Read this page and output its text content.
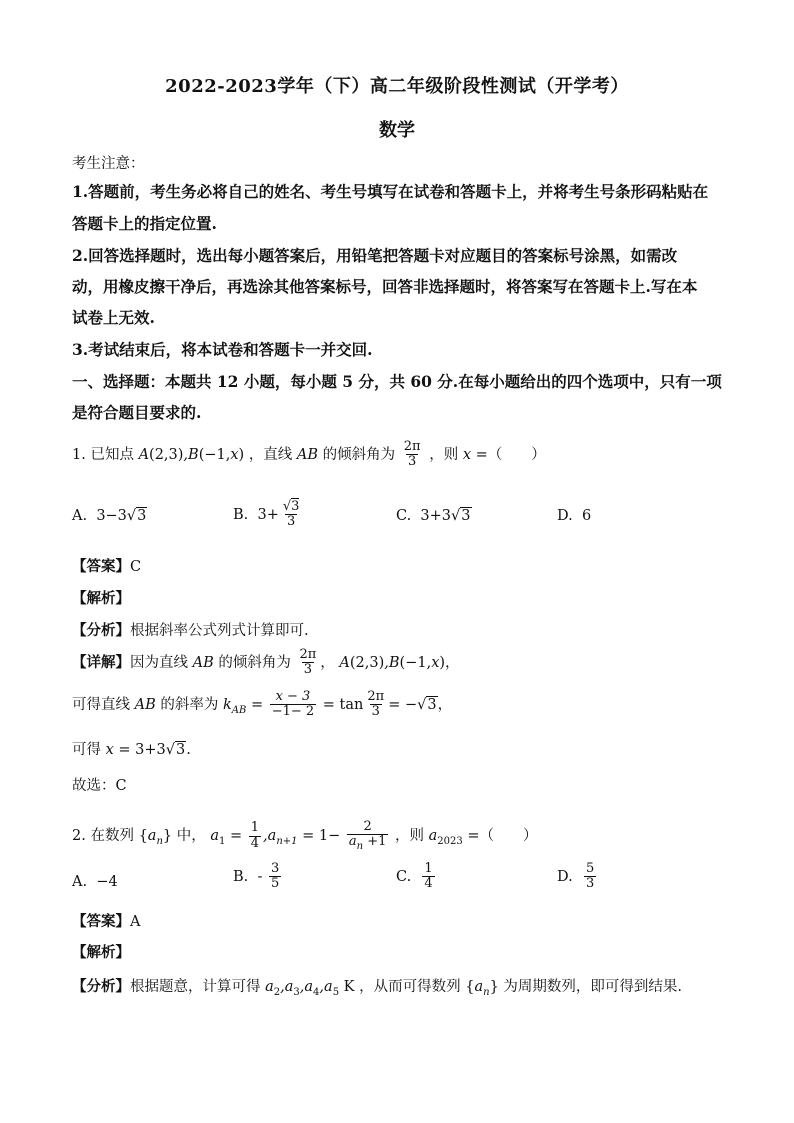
2022-2023学年（下）高二年级阶段性测试（开学考）
数学
考生注意：
1.答题前，考生务必将自己的姓名、考生号填写在试卷和答题卡上，并将考生号条形码粘贴在
答题卡上的指定位置.
2.回答选择题时，选出每小题答案后，用铅笔把答题卡对应题目的答案标号涂黑，如需改
动，用橡皮擦干净后，再选涂其他答案标号，回答非选择题时，将答案写在答题卡上.写在本
试卷上无效.
3.考试结束后，将本试卷和答题卡一并交回.
一、选择题：本题共 12 小题，每小题 5 分，共 60 分.在每小题给出的四个选项中，只有一项
是符合题目要求的.
1. 已知点 A(2,3),B(−1,x) ，直线 AB 的倾斜角为 $\frac{2\pi}{3}$ ，则 x =（　　）
A. 3−3√3	B. $3+ \frac{√3}{3}$	C. 3+3√3	D. 6
【答案】C
【解析】
【分析】根据斜率公式列式计算即可.
【详解】因为直线 AB 的倾斜角为 $\frac{2\pi}{3}$ ， A(2,3),B(−1,x)，
可得直线 AB 的斜率为 $k_{AB} = \frac{x - 3}{-1- 2} = \tan \frac{2\pi}{3} = -√3$，
可得 x = 3+3√3.
故选：C
2. 在数列 $\{a_n\}$ 中， $a_1 = \frac{1}{4} ,a_{n+1} = 1- \frac{2}{a_n +1}$ ，则 $a_{2023}$ =（　　）
A. −4	B. - $\frac{3}{5}$	C. $\frac{1}{4}$	D. $\frac{5}{3}$
【答案】A
【解析】
【分析】根据题意，计算可得 $a_2,a_3,a_4,a_5$ K ，从而可得数列 $\{a_n\}$ 为周期数列，即可得到结果.
